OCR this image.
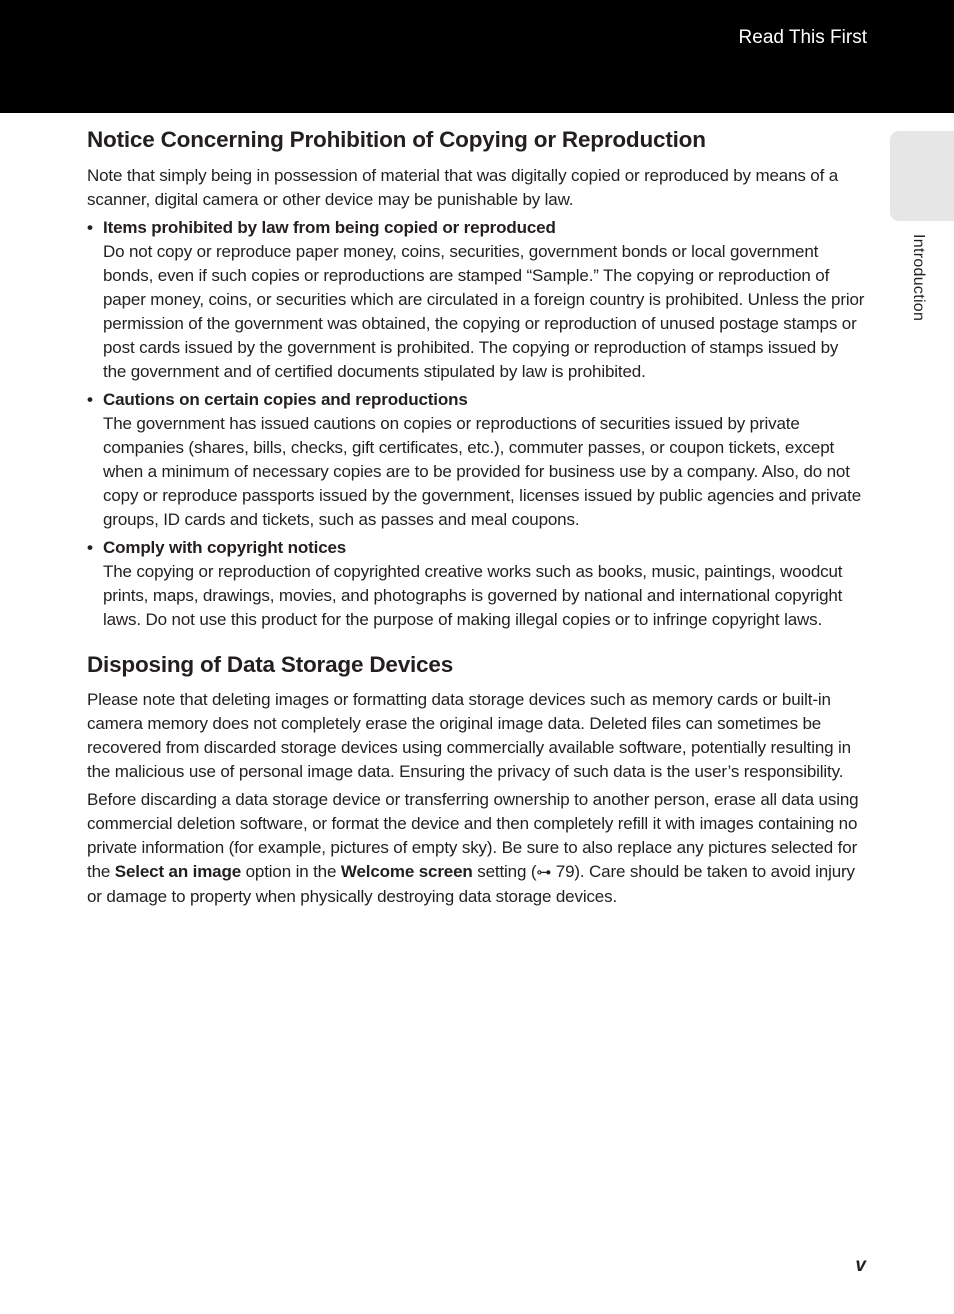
Read This First
Introduction
Notice Concerning Prohibition of Copying or Reproduction

Note that simply being in possession of material that was digitally copied or reproduced by means of a scanner, digital camera or other device may be punishable by law.

• Items prohibited by law from being copied or reproduced
Do not copy or reproduce paper money, coins, securities, government bonds or local government bonds, even if such copies or reproductions are stamped “Sample.” The copying or reproduction of paper money, coins, or securities which are circulated in a foreign country is prohibited. Unless the prior permission of the government was obtained, the copying or reproduction of unused postage stamps or post cards issued by the government is prohibited. The copying or reproduction of stamps issued by the government and of certified documents stipulated by law is prohibited.
• Cautions on certain copies and reproductions
The government has issued cautions on copies or reproductions of securities issued by private companies (shares, bills, checks, gift certificates, etc.), commuter passes, or coupon tickets, except when a minimum of necessary copies are to be provided for business use by a company. Also, do not copy or reproduce passports issued by the government, licenses issued by public agencies and private groups, ID cards and tickets, such as passes and meal coupons.
• Comply with copyright notices
The copying or reproduction of copyrighted creative works such as books, music, paintings, woodcut prints, maps, drawings, movies, and photographs is governed by national and international copyright laws. Do not use this product for the purpose of making illegal copies or to infringe copyright laws.
Disposing of Data Storage Devices

Please note that deleting images or formatting data storage devices such as memory cards or built-in camera memory does not completely erase the original image data. Deleted files can sometimes be recovered from discarded storage devices using commercially available software, potentially resulting in the malicious use of personal image data. Ensuring the privacy of such data is the user’s responsibility.

Before discarding a data storage device or transferring ownership to another person, erase all data using commercial deletion software, or format the device and then completely refill it with images containing no private information (for example, pictures of empty sky). Be sure to also replace any pictures selected for the Select an image option in the Welcome screen setting (⊶ 79). Care should be taken to avoid injury or damage to property when physically destroying data storage devices.

v
